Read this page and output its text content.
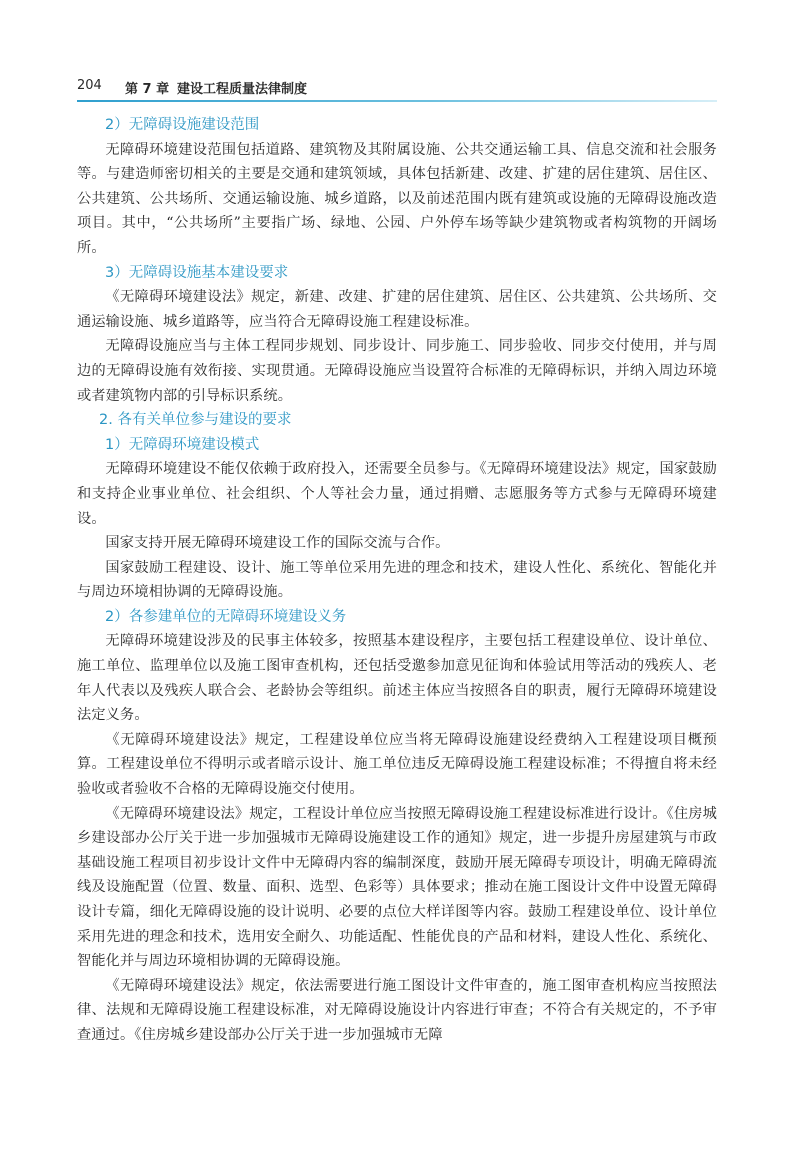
204 第 7 章 建设工程质量法律制度

2）无障碍设施建设范围

无障碍环境建设范围包括道路、建筑物及其附属设施、公共交通运输工具、信息交流和社会服务等。与建造师密切相关的主要是交通和建筑领域，具体包括新建、改建、扩建的居住建筑、居住区、公共建筑、公共场所、交通运输设施、城乡道路，以及前述范围内既有建筑或设施的无障碍设施改造项目。其中，“公共场所”主要指广场、绿地、公园、户外停车场等缺少建筑物或者构筑物的开阔场所。

3）无障碍设施基本建设要求

《无障碍环境建设法》规定，新建、改建、扩建的居住建筑、居住区、公共建筑、公共场所、交通运输设施、城乡道路等，应当符合无障碍设施工程建设标准。

无障碍设施应当与主体工程同步规划、同步设计、同步施工、同步验收、同步交付使用，并与周边的无障碍设施有效衔接、实现贯通。无障碍设施应当设置符合标准的无障碍标识，并纳入周边环境或者建筑物内部的引导标识系统。

2. 各有关单位参与建设的要求

1）无障碍环境建设模式

无障碍环境建设不能仅依赖于政府投入，还需要全员参与。《无障碍环境建设法》规定，国家鼓励和支持企业事业单位、社会组织、个人等社会力量，通过捐赠、志愿服务等方式参与无障碍环境建设。

国家支持开展无障碍环境建设工作的国际交流与合作。

国家鼓励工程建设、设计、施工等单位采用先进的理念和技术，建设人性化、系统化、智能化并与周边环境相协调的无障碍设施。

2）各参建单位的无障碍环境建设义务

无障碍环境建设涉及的民事主体较多，按照基本建设程序，主要包括工程建设单位、设计单位、施工单位、监理单位以及施工图审查机构，还包括受邀参加意见征询和体验试用等活动的残疾人、老年人代表以及残疾人联合会、老龄协会等组织。前述主体应当按照各自的职责，履行无障碍环境建设法定义务。

《无障碍环境建设法》规定，工程建设单位应当将无障碍设施建设经费纳入工程建设项目概预算。工程建设单位不得明示或者暗示设计、施工单位违反无障碍设施工程建设标准；不得擅自将未经验收或者验收不合格的无障碍设施交付使用。

《无障碍环境建设法》规定，工程设计单位应当按照无障碍设施工程建设标准进行设计。《住房城乡建设部办公厅关于进一步加强城市无障碍设施建设工作的通知》规定，进一步提升房屋建筑与市政基础设施工程项目初步设计文件中无障碍内容的编制深度，鼓励开展无障碍专项设计，明确无障碍流线及设施配置（位置、数量、面积、选型、色彩等）具体要求；推动在施工图设计文件中设置无障碍设计专篇，细化无障碍设施的设计说明、必要的点位大样详图等内容。鼓励工程建设单位、设计单位采用先进的理念和技术，选用安全耐久、功能适配、性能优良的产品和材料，建设人性化、系统化、智能化并与周边环境相协调的无障碍设施。

《无障碍环境建设法》规定，依法需要进行施工图设计文件审查的，施工图审查机构应当按照法律、法规和无障碍设施工程建设标准，对无障碍设施设计内容进行审查；不符合有关规定的，不予审查通过。《住房城乡建设部办公厅关于进一步加强城市无障
